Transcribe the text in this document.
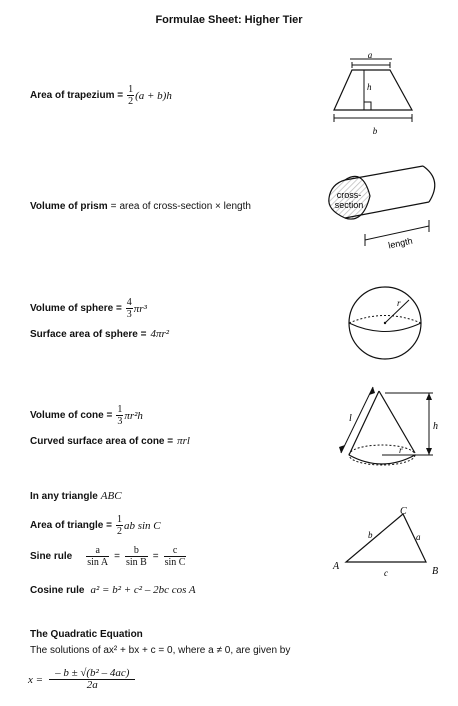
Formulae Sheet: Higher Tier
Area of trapezium = $\frac{1}{2} (a + b)h$
a
h
b
Volume of prism = area of cross-section × length
cross-
section
length
Volume of sphere = $\frac{4}{3} \pi r^3$
Surface area of sphere = 4πr²
r
Volume of cone = $\frac{1}{3} \pi r^2h$
Curved surface area of cone = πrl
r
l
h
In any triangle ABC
Area of triangle = $\frac{1}{2}$ ab sin C
Sine rule $\frac{a}{\text{sin A}} = \frac{b}{\text{sin B}} = \frac{c}{\text{sin C}}$
Cosine rule a² = b² + c² – 2bc cos A
A	B
C
a
b
c
The Quadratic Equation
The solutions of ax² + bx + c = 0, where a ≠ 0, are given by
$x = \frac{\text{– b ± √(b² – 4ac)}}{2a}$
